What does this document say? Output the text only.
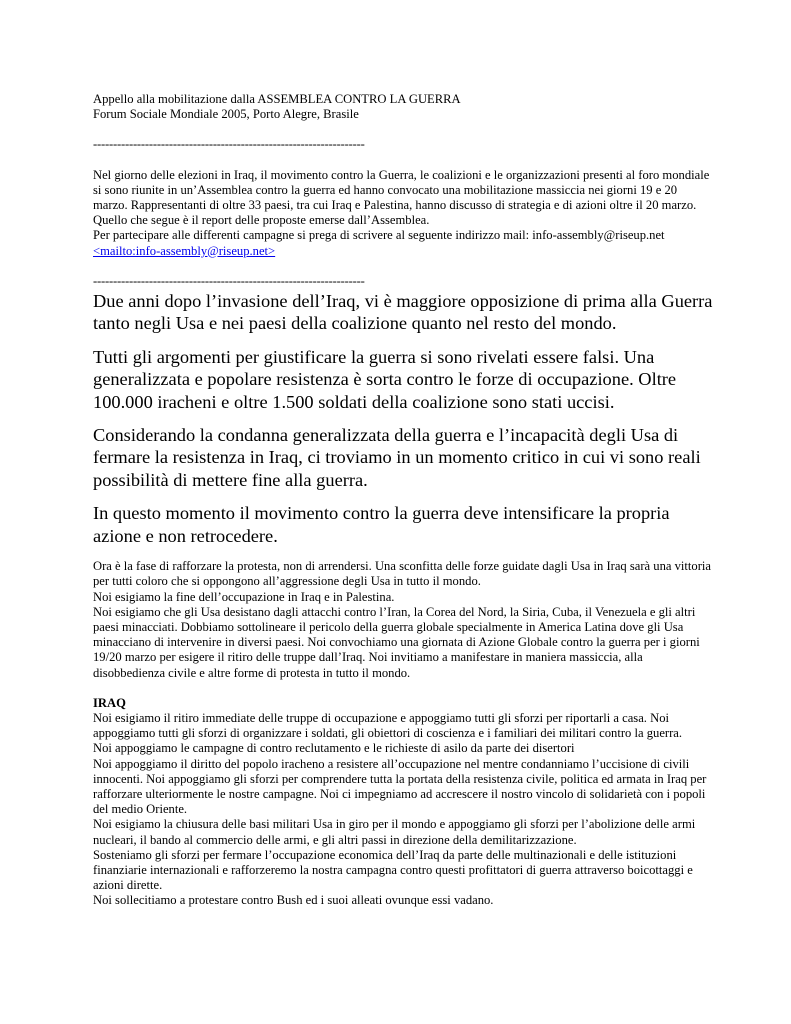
Appello alla mobilitazione dalla ASSEMBLEA CONTRO LA GUERRA
Forum Sociale Mondiale 2005, Porto Alegre, Brasile

--------------------------------------------------------------------

Nel giorno delle elezioni in Iraq, il movimento contro la Guerra, le coalizioni e le organizzazioni presenti al foro mondiale si sono riunite in un’Assemblea contro la guerra ed hanno convocato una mobilitazione massiccia nei giorni 19 e 20 marzo. Rappresentanti di oltre 33 paesi, tra cui Iraq e Palestina, hanno discusso di strategia e di azioni oltre il 20 marzo.

Quello che segue è il report delle proposte emerse dall’Assemblea.

Per partecipare alle differenti campagne si prega di scrivere al seguente indirizzo mail: info-assembly@riseup.net

<mailto:info-assembly@riseup.net>

--------------------------------------------------------------------

Due anni dopo l’invasione dell’Iraq, vi è maggiore opposizione di prima alla Guerra tanto negli Usa e nei paesi della coalizione quanto nel resto del mondo.

Tutti gli argomenti per giustificare la guerra si sono rivelati essere falsi. Una generalizzata e popolare resistenza è sorta contro le forze di occupazione. Oltre 100.000 iracheni e oltre 1.500 soldati della coalizione sono stati uccisi.

Considerando la condanna generalizzata della guerra e l’incapacità degli Usa di fermare la resistenza in Iraq, ci troviamo in un momento critico in cui vi sono reali possibilità di mettere fine alla guerra.

In questo momento il movimento contro la guerra deve intensificare la propria azione e non retrocedere.

Ora è la fase di rafforzare la protesta, non di arrendersi. Una sconfitta delle forze guidate dagli Usa in Iraq sarà una vittoria per tutti coloro che si oppongono all’aggressione degli Usa in tutto il mondo.

Noi esigiamo la fine dell’occupazione in Iraq e in Palestina.

Noi esigiamo che gli Usa desistano dagli attacchi contro l’Iran, la Corea del Nord, la Siria, Cuba, il Venezuela e gli altri paesi minacciati. Dobbiamo sottolineare il pericolo della guerra globale specialmente in America Latina dove gli Usa minacciano di intervenire in diversi paesi. Noi convochiamo una giornata di Azione Globale contro la guerra per i giorni 19/20 marzo per esigere il ritiro delle truppe dall’Iraq. Noi invitiamo a manifestare in maniera massiccia, alla disobbedienza civile e altre forme di protesta in tutto il mondo.

IRAQ

Noi esigiamo il ritiro immediate delle truppe di occupazione e appoggiamo tutti gli sforzi per riportarli a casa. Noi appoggiamo tutti gli sforzi di organizzare i soldati, gli obiettori di coscienza e i familiari dei militari contro la guerra.

Noi appoggiamo le campagne di contro reclutamento e le richieste di asilo da parte dei disertori

Noi appoggiamo il diritto del popolo iracheno a resistere all’occupazione nel mentre condanniamo l’uccisione di civili innocenti. Noi appoggiamo gli sforzi per comprendere tutta la portata della resistenza civile, politica ed armata in Iraq per rafforzare ulteriormente le nostre campagne. Noi ci impegniamo ad accrescere il nostro vincolo di solidarietà con i popoli del medio Oriente.

Noi esigiamo la chiusura delle basi militari Usa in giro per il mondo e appoggiamo gli sforzi per l’abolizione delle armi nucleari, il bando al commercio delle armi, e gli altri passi in direzione della demilitarizzazione.

Sosteniamo gli sforzi per fermare l’occupazione economica dell’Iraq da parte delle multinazionali e delle istituzioni finanziarie internazionali e rafforzeremo la nostra campagna contro questi profittatori di guerra attraverso boicottaggi e azioni dirette.

Noi sollecitiamo a protestare contro Bush ed i suoi alleati ovunque essi vadano.
